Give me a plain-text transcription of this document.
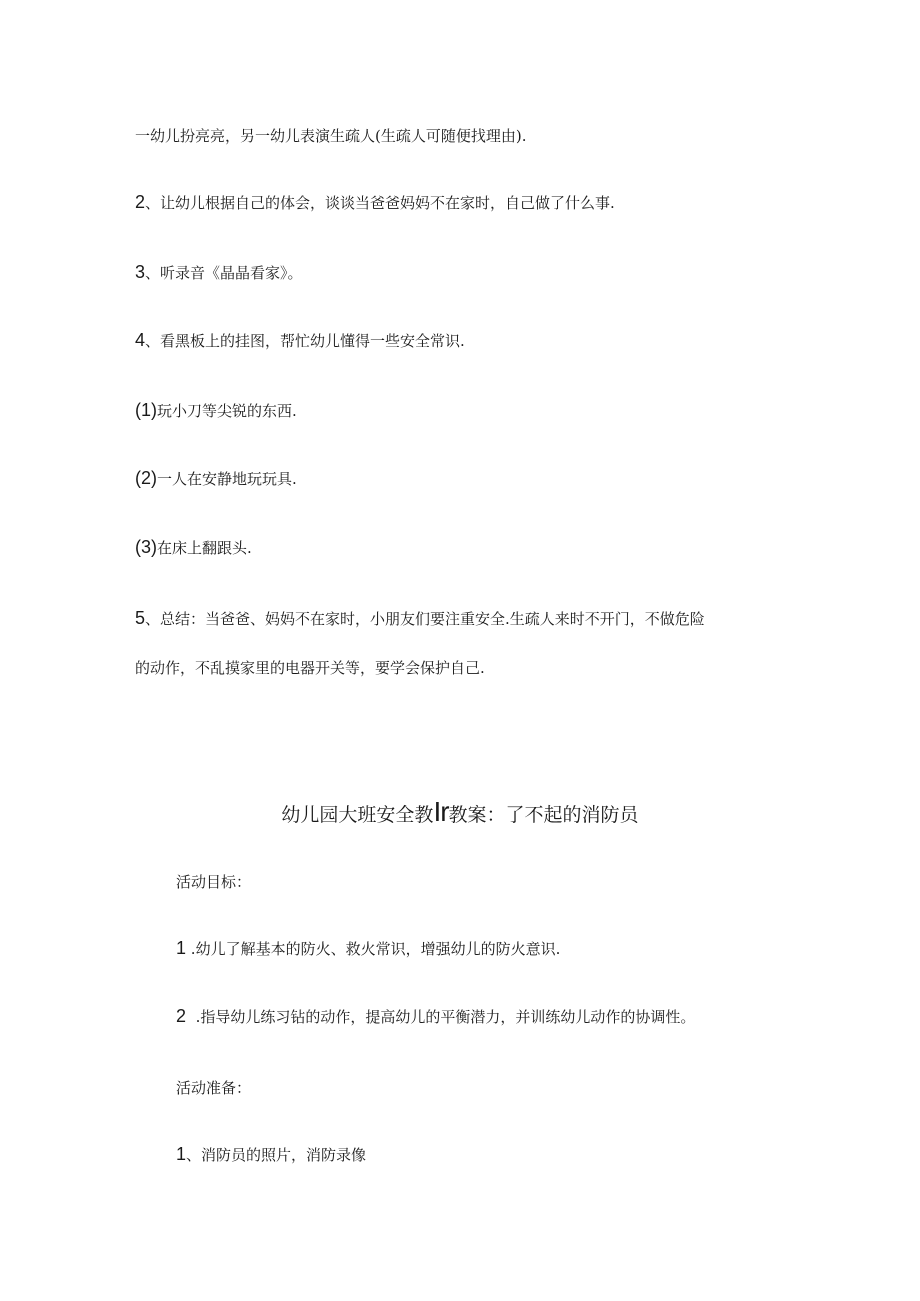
一幼儿扮亮亮，另一幼儿表演生疏人(生疏人可随便找理由).
2、让幼儿根据自己的体会，谈谈当爸爸妈妈不在家时，自己做了什么事.
3、听录音《晶晶看家》。
4、看黑板上的挂图，帮忙幼儿懂得一些安全常识.
(1)玩小刀等尖锐的东西.
(2)一人在安静地玩玩具.
(3)在床上翻跟头.
5、总结：当爸爸、妈妈不在家时，小朋友们要注重安全.生疏人来时不开门，不做危险
的动作，不乱摸家里的电器开关等，要学会保护自己.
幼儿园大班安全教Ir教案：了不起的消防员
活动目标：
1 .幼儿了解基本的防火、救火常识，增强幼儿的防火意识.
2 .指导幼儿练习钻的动作，提高幼儿的平衡潜力，并训练幼儿动作的协调性。
活动准备：
1、消防员的照片，消防录像
